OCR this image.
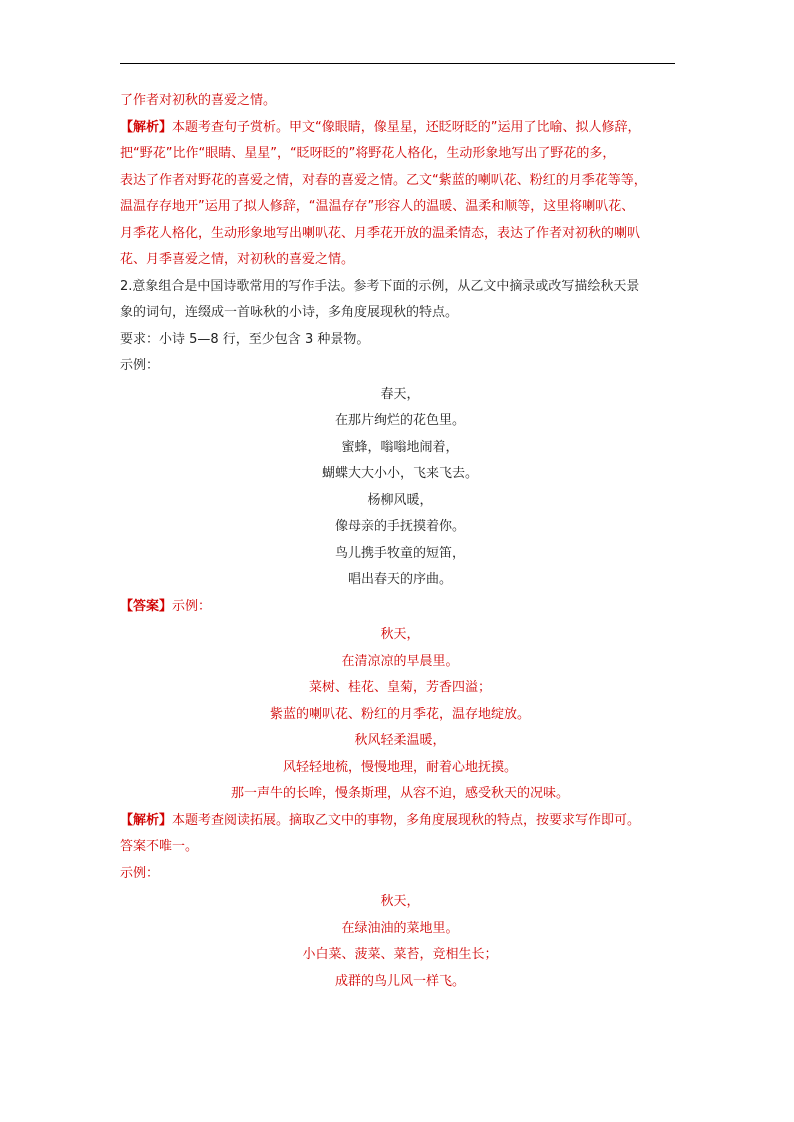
了作者对初秋的喜爱之情。
【解析】本题考查句子赏析。甲文“像眼睛，像星星，还眨呀眨的”运用了比喻、拟人修辞，
把“野花”比作“眼睛、星星”，“眨呀眨的”将野花人格化，生动形象地写出了野花的多，
表达了作者对野花的喜爱之情，对春的喜爱之情。乙文“紫蓝的喇叭花、粉红的月季花等等，
温温存存地开”运用了拟人修辞，“温温存存”形容人的温暖、温柔和顺等，这里将喇叭花、
月季花人格化，生动形象地写出喇叭花、月季花开放的温柔情态，表达了作者对初秋的喇叭
花、月季喜爱之情，对初秋的喜爱之情。
2.意象组合是中国诗歌常用的写作手法。参考下面的示例，从乙文中摘录或改写描绘秋天景
象的词句，连缀成一首咏秋的小诗，多角度展现秋的特点。
要求：小诗 5—8 行，至少包含 3 种景物。
示例：
春天，
在那片绚烂的花色里。
蜜蜂，嗡嗡地闹着，
蝴蝶大大小小，飞来飞去。
杨柳风暖，
像母亲的手抚摸着你。
鸟儿携手牧童的短笛，
唱出春天的序曲。
【答案】示例：
秋天，
在清凉凉的早晨里。
菜树、桂花、皇菊，芳香四溢；
紫蓝的喇叭花、粉红的月季花，温存地绽放。
秋风轻柔温暖，
风轻轻地梳，慢慢地理，耐着心地抚摸。
那一声牛的长哞，慢条斯理，从容不迫，感受秋天的况味。
【解析】本题考查阅读拓展。摘取乙文中的事物，多角度展现秋的特点，按要求写作即可。
答案不唯一。
示例：
秋天，
在绿油油的菜地里。
小白菜、菠菜、菜苔，竞相生长；
成群的鸟儿风一样飞。
